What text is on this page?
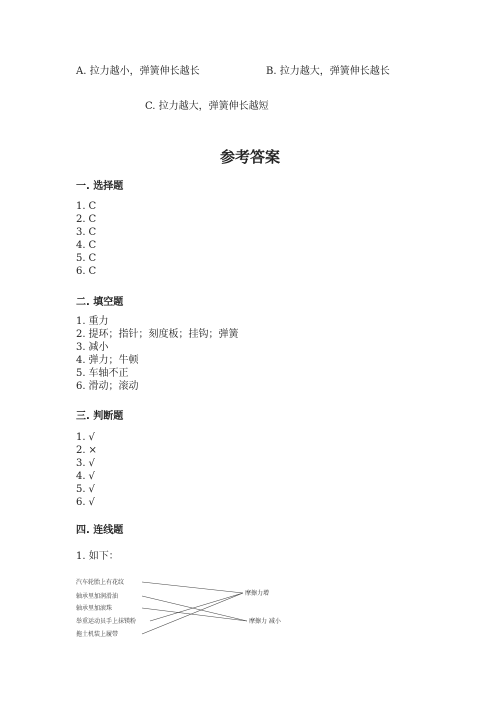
A. 拉力越小，弹簧伸长越长	B. 拉力越大，弹簧伸长越长
C. 拉力越大，弹簧伸长越短
参考答案
一. 选择题
1. C
2. C
3. C
4. C
5. C
6. C
二. 填空题
1. 重力
2. 提环；指针；刻度板；挂钩；弹簧
3. 减小
4. 弹力；牛顿
5. 车轴不正
6. 滑动；滚动
三. 判断题
1. √
2. ×
3. √
4. √
5. √
6. √
四. 连线题
1. 如下：
汽车轮胎上有花纹
轴承里加润滑油
轴承里加滚珠
举重运动员手上抹镁粉
拖土机装上履带
摩擦力增
摩擦力 减小
